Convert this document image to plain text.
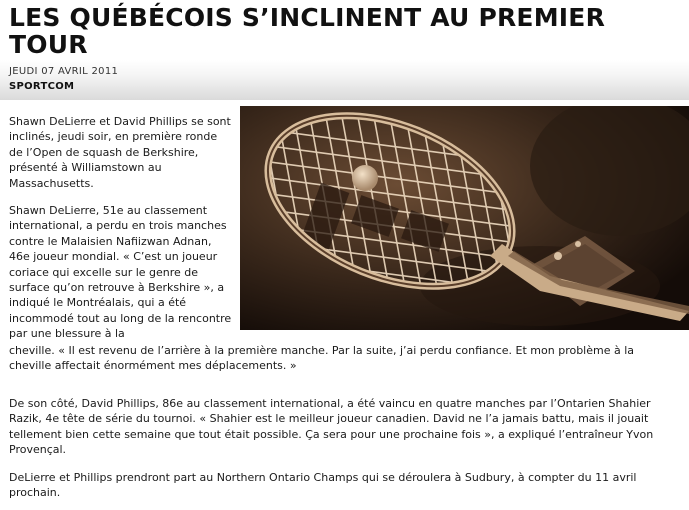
LES QUÉBÉCOIS S’INCLINENT AU PREMIER TOUR
JEUDI 07 AVRIL 2011
SPORTCOM

Shawn DeLierre et David Phillips se sont inclinés, jeudi soir, en première ronde de l’Open de squash de Berkshire, présenté à Williamstown au Massachusetts.

Shawn DeLierre, 51e au classement international, a perdu en trois manches contre le Malaisien Nafiizwan Adnan, 46e joueur mondial. « C’est un joueur coriace qui excelle sur le genre de surface qu’on retrouve à Berkshire », a indiqué le Montréalais, qui a été incommodé tout au long de la rencontre par une blessure à la

cheville. « Il est revenu de l’arrière à la première manche. Par la suite, j’ai perdu confiance. Et mon problème à la cheville affectait énormément mes déplacements. »

De son côté, David Phillips, 86e au classement international, a été vaincu en quatre manches par l’Ontarien Shahier Razik, 4e tête de série du tournoi. « Shahier est le meilleur joueur canadien. David ne l’a jamais battu, mais il jouait tellement bien cette semaine que tout était possible. Ça sera pour une prochaine fois », a expliqué l’entraîneur Yvon Provençal.

DeLierre et Phillips prendront part au Northern Ontario Champs qui se déroulera à Sudbury, à compter du 11 avril prochain.
